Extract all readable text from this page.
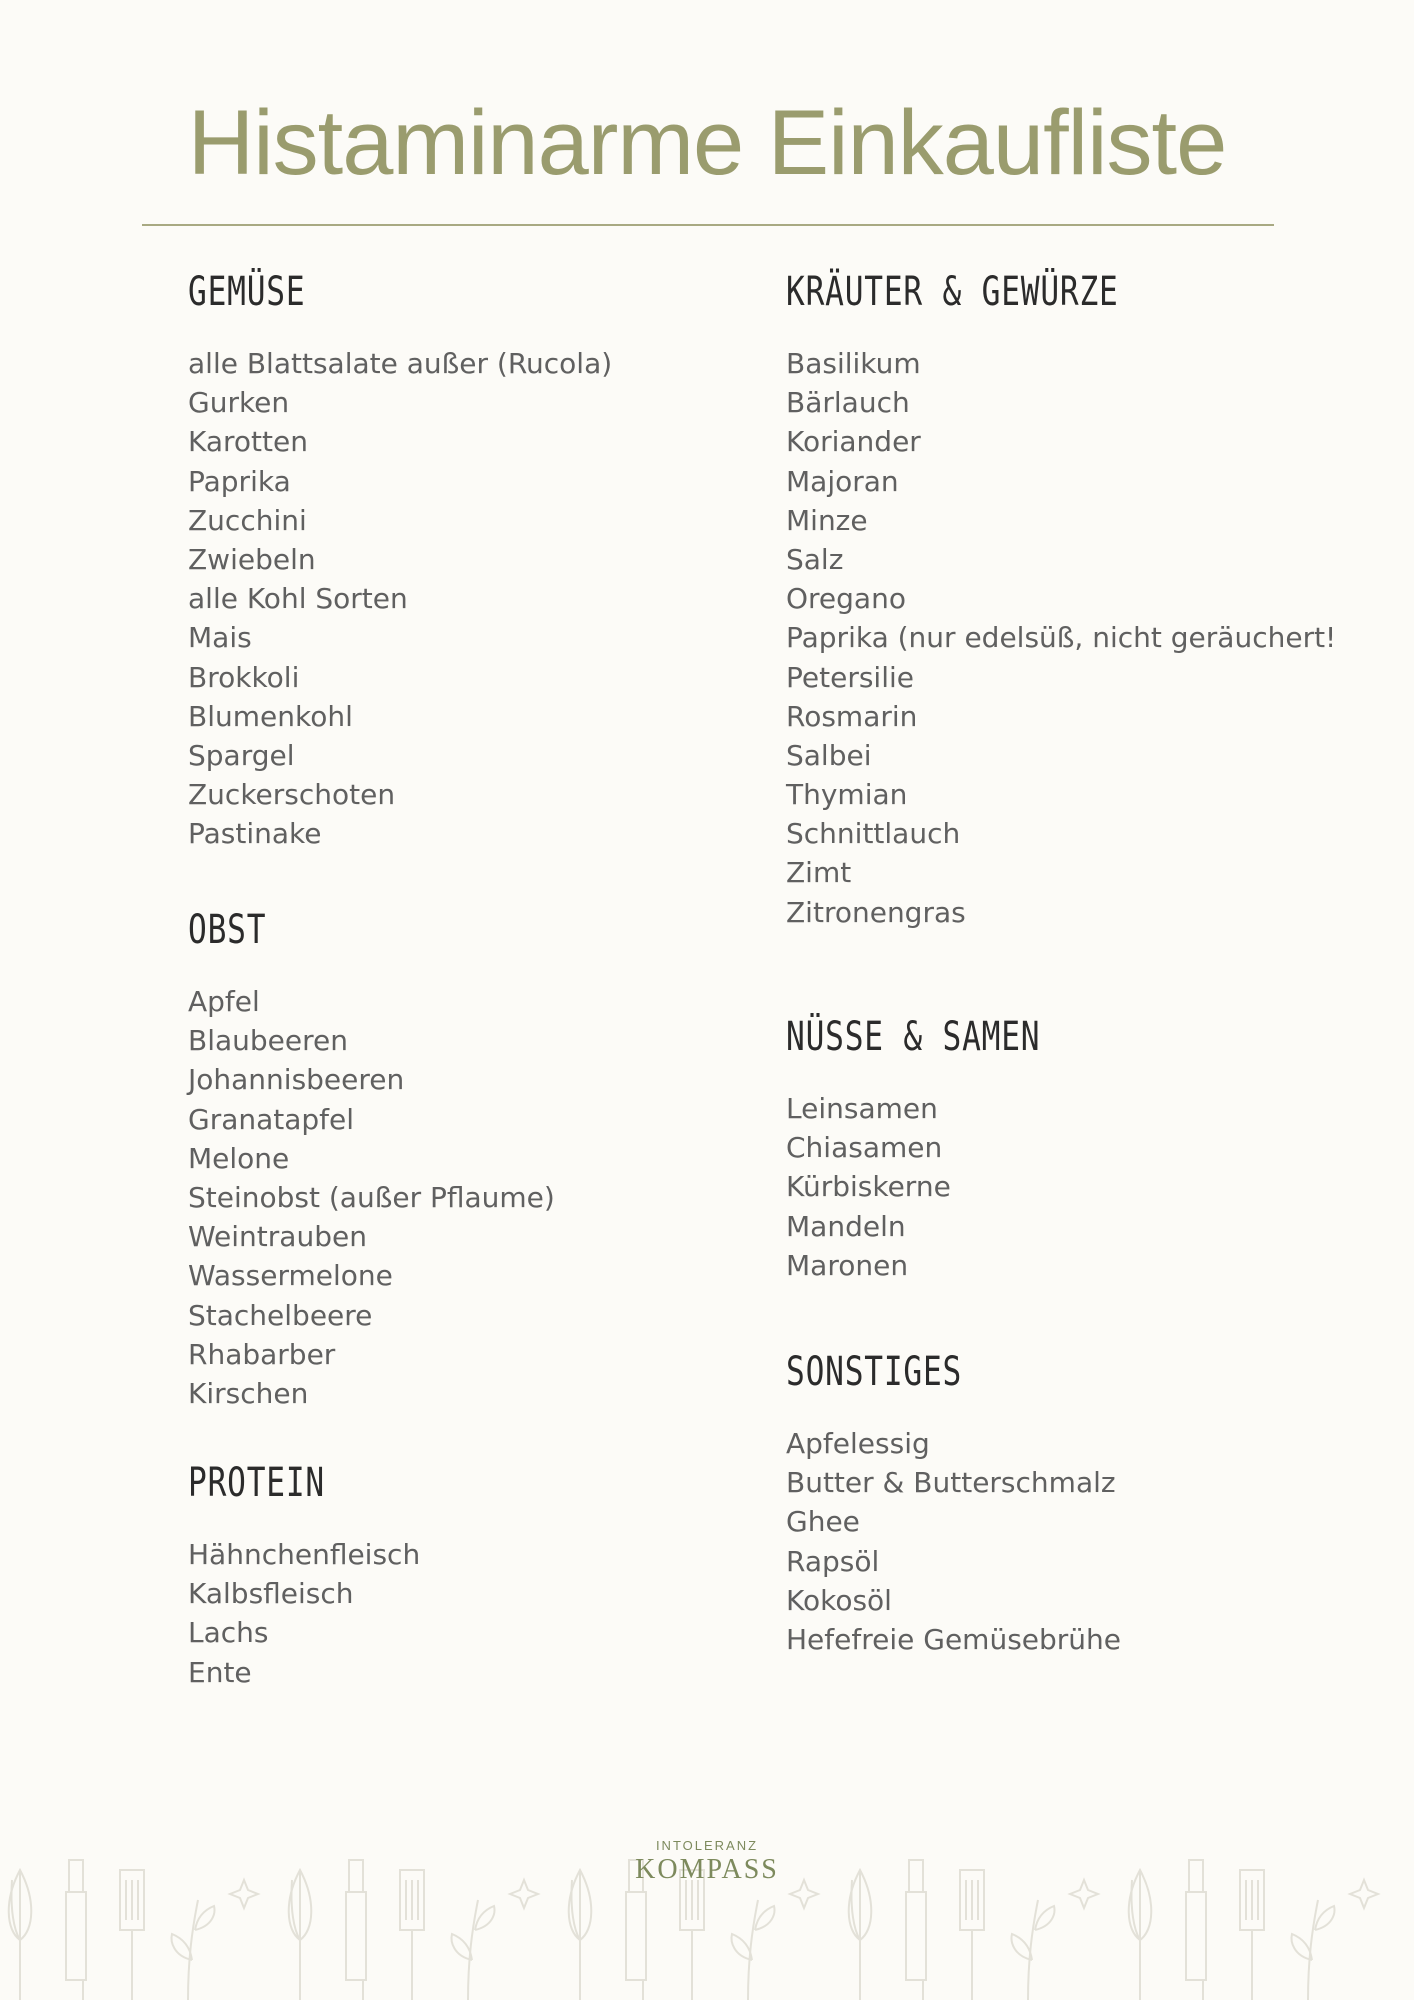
Histaminarme Einkaufliste
GEMÜSE
alle Blattsalate außer (Rucola)
Gurken
Karotten
Paprika
Zucchini
Zwiebeln
alle Kohl Sorten
Mais
Brokkoli
Blumenkohl
Spargel
Zuckerschoten
Pastinake
OBST
Apfel
Blaubeeren
Johannisbeeren
Granatapfel
Melone
Steinobst (außer Pflaume)
Weintrauben
Wassermelone
Stachelbeere
Rhabarber
Kirschen
PROTEIN
Hähnchenfleisch
Kalbsfleisch
Lachs
Ente
KRÄUTER & GEWÜRZE
Basilikum
Bärlauch
Koriander
Majoran
Minze
Salz
Oregano
Paprika (nur edelsüß, nicht geräuchert!
Petersilie
Rosmarin
Salbei
Thymian
Schnittlauch
Zimt
Zitronengras
NÜSSE & SAMEN
Leinsamen
Chiasamen
Kürbiskerne
Mandeln
Maronen
SONSTIGES
Apfelessig
Butter & Butterschmalz
Ghee
Rapsöl
Kokosöl
Hefefreie Gemüsebrühe
INTOLERANZ
KOMPASS
